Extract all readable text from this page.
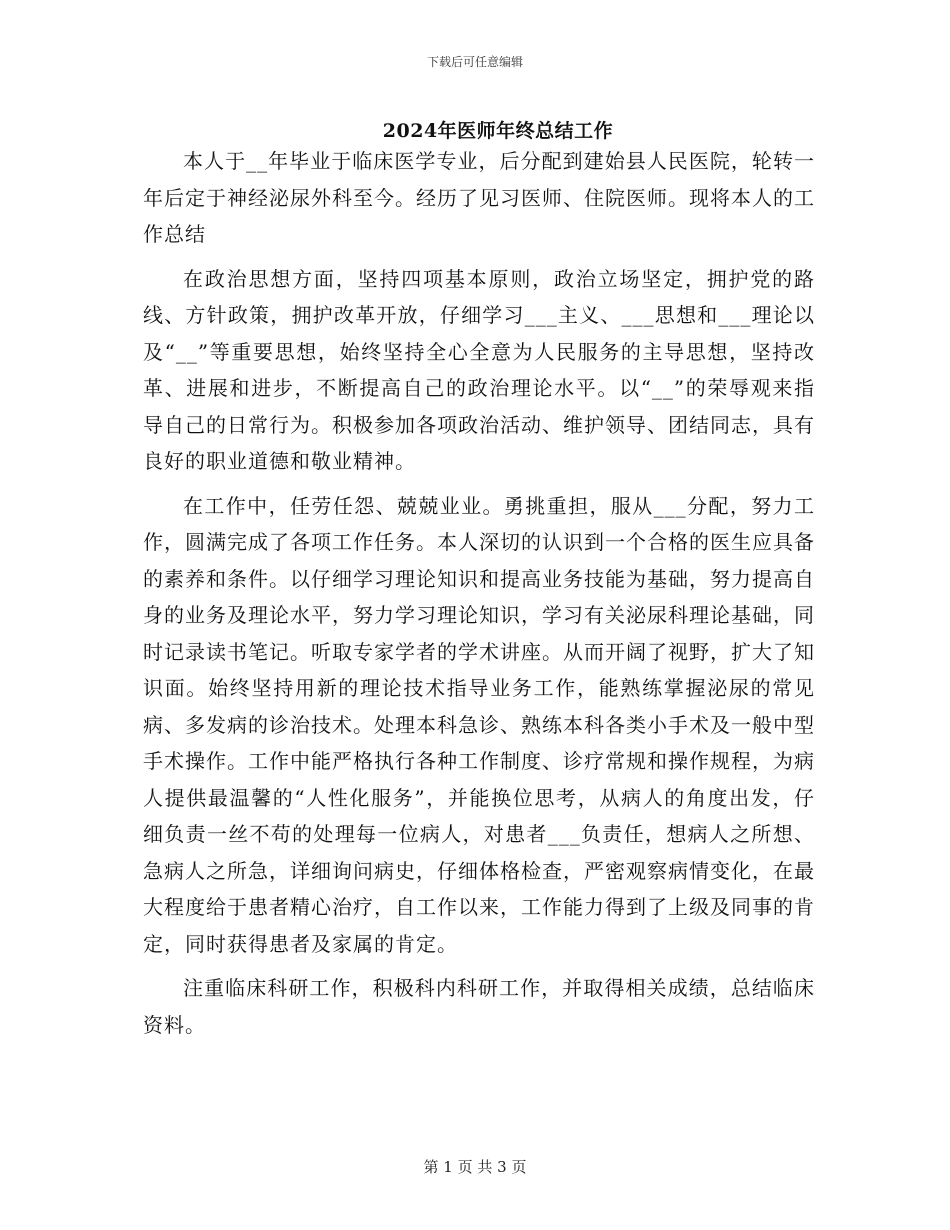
下载后可任意编辑
2024年医师年终总结工作

本人于__年毕业于临床医学专业，后分配到建始县人民医院，轮转一年后定于神经泌尿外科至今。经历了见习医师、住院医师。现将本人的工作总结

在政治思想方面，坚持四项基本原则，政治立场坚定，拥护党的路线、方针政策，拥护改革开放，仔细学习___主义、___思想和___理论以及“__”等重要思想，始终坚持全心全意为人民服务的主导思想，坚持改革、进展和进步，不断提高自己的政治理论水平。以“__”的荣辱观来指导自己的日常行为。积极参加各项政治活动、维护领导、团结同志，具有良好的职业道德和敬业精神。

在工作中，任劳任怨、兢兢业业。勇挑重担，服从___分配，努力工作，圆满完成了各项工作任务。本人深切的认识到一个合格的医生应具备的素养和条件。以仔细学习理论知识和提高业务技能为基础，努力提高自身的业务及理论水平，努力学习理论知识，学习有关泌尿科理论基础，同时记录读书笔记。听取专家学者的学术讲座。从而开阔了视野，扩大了知识面。始终坚持用新的理论技术指导业务工作，能熟练掌握泌尿的常见病、多发病的诊治技术。处理本科急诊、熟练本科各类小手术及一般中型手术操作。工作中能严格执行各种工作制度、诊疗常规和操作规程，为病人提供最温馨的“人性化服务”，并能换位思考，从病人的角度出发，仔细负责一丝不苟的处理每一位病人，对患者___负责任，想病人之所想、急病人之所急，详细询问病史，仔细体格检查，严密观察病情变化，在最大程度给于患者精心治疗，自工作以来，工作能力得到了上级及同事的肯定，同时获得患者及家属的肯定。

注重临床科研工作，积极科内科研工作，并取得相关成绩，总结临床资料。

第 1 页 共 3 页
